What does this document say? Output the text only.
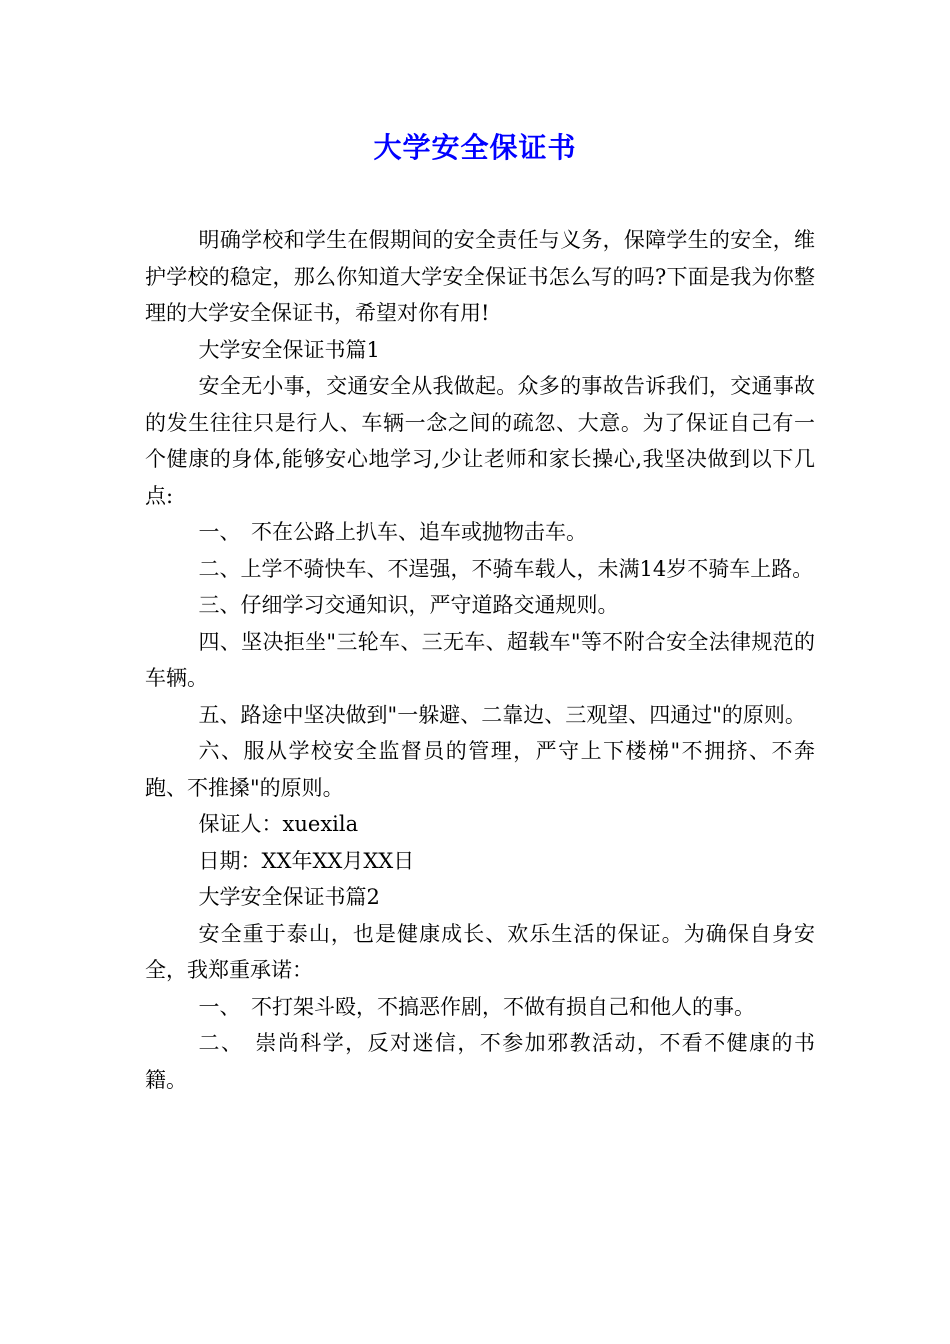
大学安全保证书

明确学校和学生在假期间的安全责任与义务，保障学生的安全，维护学校的稳定，那么你知道大学安全保证书怎么写的吗?下面是我为你整理的大学安全保证书，希望对你有用!

大学安全保证书篇1

安全无小事，交通安全从我做起。众多的事故告诉我们，交通事故的发生往往只是行人、车辆一念之间的疏忽、大意。为了保证自己有一个健康的身体,能够安心地学习,少让老师和家长操心,我坚决做到以下几点:

一、　不在公路上扒车、追车或抛物击车。

二、上学不骑快车、不逞强，不骑车载人，未满14岁不骑车上路。

三、仔细学习交通知识，严守道路交通规则。

四、坚决拒坐"三轮车、三无车、超载车"等不附合安全法律规范的车辆。

五、路途中坚决做到"一躲避、二靠边、三观望、四通过"的原则。

六、服从学校安全监督员的管理，严守上下楼梯"不拥挤、不奔跑、不推搡"的原则。

保证人：xuexila

日期：XX年XX月XX日

大学安全保证书篇2

安全重于泰山，也是健康成长、欢乐生活的保证。为确保自身安全，我郑重承诺：

一、　不打架斗殴，不搞恶作剧，不做有损自己和他人的事。

二、　崇尚科学，反对迷信，不参加邪教活动，不看不健康的书籍。
